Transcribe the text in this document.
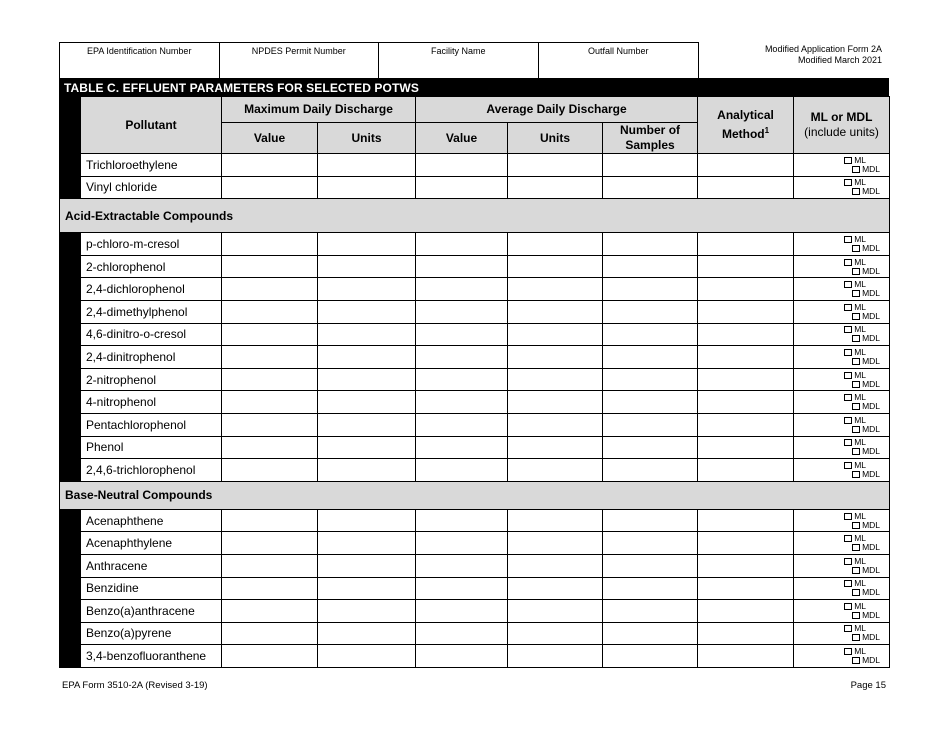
EPA Identification Number	NPDES Permit Number	Facility Name	Outfall Number	Modified Application Form 2A
Modified March 2021
TABLE C. EFFLUENT PARAMETERS FOR SELECTED POTWS
	Pollutant	Maximum Daily Discharge		Average Daily Discharge			Analytical
Method$^1$	ML or MDL
(include units)
		Value	Units	Value	Units	Number of
Samples		
	Trichloroethylene							ML
MDL

	Vinyl chloride							ML
MDL

Acid-Extractable Compounds								
	p-chloro-m-cresol							ML
MDL

	2-chlorophenol							ML
MDL

	2,4-dichlorophenol							ML
MDL

	2,4-dimethylphenol							ML
MDL

	4,6-dinitro-o-cresol							ML
MDL

	2,4-dinitrophenol							ML
MDL

	2-nitrophenol							ML
MDL

	4-nitrophenol							ML
MDL

	Pentachlorophenol							ML
MDL

	Phenol							ML
MDL

	2,4,6-trichlorophenol							ML
MDL

Base-Neutral Compounds								
	Acenaphthene							ML
MDL

	Acenaphthylene							ML
MDL

	Anthracene							ML
MDL

	Benzidine							ML
MDL

	Benzo(a)anthracene							ML
MDL

	Benzo(a)pyrene							ML
MDL

	3,4-benzofluoranthene							ML
MDL
EPA Form 3510-2A (Revised 3-19)	Page 15
